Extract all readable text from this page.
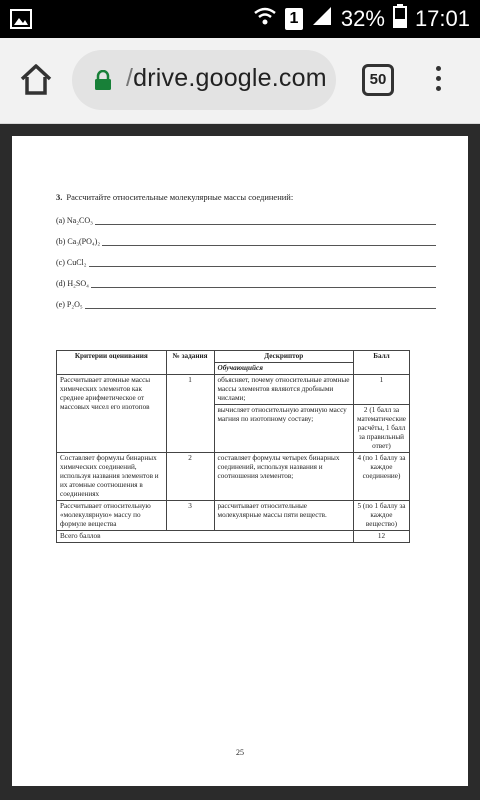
1 32% 17:01
/drive.google.com	50
3. Рассчитайте относительные молекулярные массы соединений:
(a) Na₂CO₃
(b) Ca₃(PO₄)₂
(c) CuCl₂
(d) H₂SO₄
(e) P₂O₅
Критерии оценивания	№ задания	Дескриптор	Балл
		Обучающийся	
Рассчитывает атомные массы химических элементов как среднее арифметическое от массовых чисел его изотопов	1	объясняет, почему относительные атомные массы элементов являются дробными числами;	1
		вычисляет относительную атомную массу магния по изотопному составу;	2 (1 балл за математические расчёты, 1 балл за правильный ответ)
Составляет формулы бинарных химических соединений, используя названия элементов и их атомные соотношения в соединениях	2	составляет формулы четырех бинарных соединений, используя названия и соотношения элементов;	4 (по 1 баллу за каждое соединение)
Рассчитывает относительную «молекулярную» массу по формуле вещества	3	рассчитывает относительные молекулярные массы пяти веществ.	5 (по 1 баллу за каждое вещество)
Всего баллов			12
25
